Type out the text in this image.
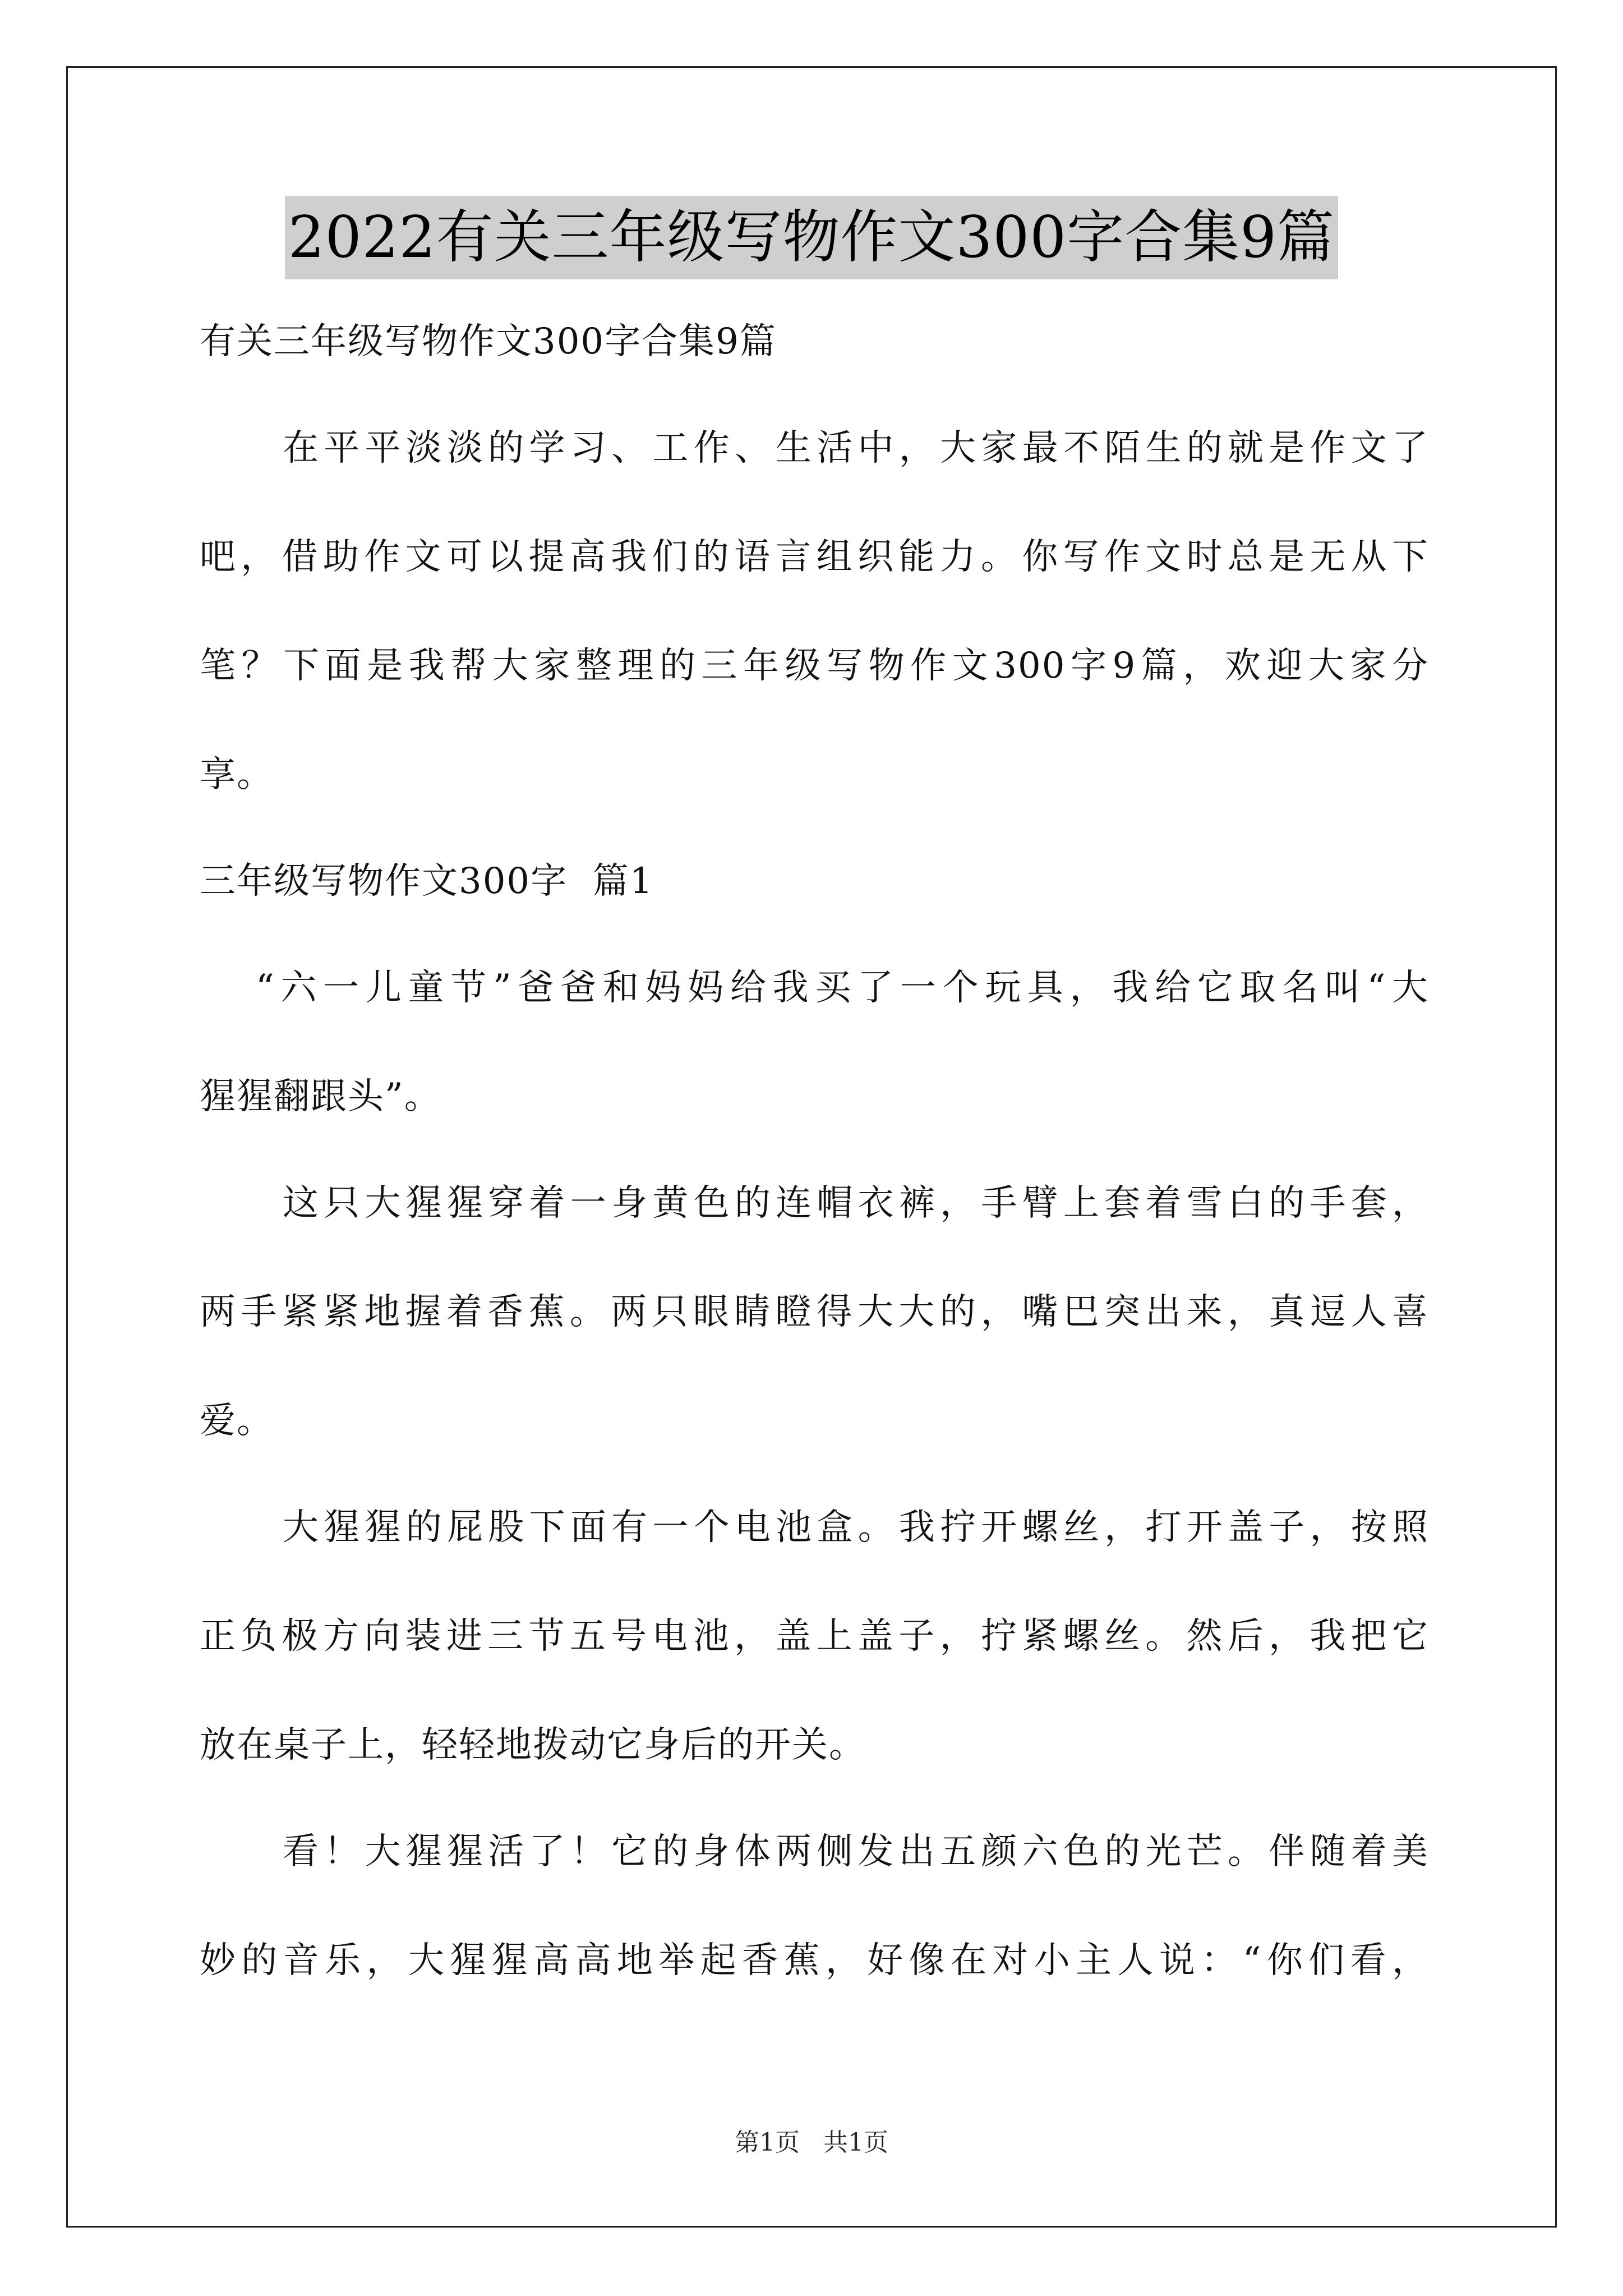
2022有关三年级写物作文300字合集9篇

有关三年级写物作文300字合集9篇

在平平淡淡的学习、工作、生活中，大家最不陌生的就是作文了

吧，借助作文可以提高我们的语言组织能力。你写作文时总是无从下

笔？下面是我帮大家整理的三年级写物作文300字9篇，欢迎大家分

享。

三年级写物作文300字  篇1

“六一儿童节”爸爸和妈妈给我买了一个玩具，我给它取名叫“大

猩猩翻跟头”。

这只大猩猩穿着一身黄色的连帽衣裤，手臂上套着雪白的手套，

两手紧紧地握着香蕉。两只眼睛瞪得大大的，嘴巴突出来，真逗人喜

爱。

大猩猩的屁股下面有一个电池盒。我拧开螺丝，打开盖子，按照

正负极方向装进三节五号电池，盖上盖子，拧紧螺丝。然后，我把它

放在桌子上，轻轻地拨动它身后的开关。

看！大猩猩活了！它的身体两侧发出五颜六色的光芒。伴随着美

妙的音乐，大猩猩高高地举起香蕉，好像在对小主人说：“你们看，

第1页   共1页
